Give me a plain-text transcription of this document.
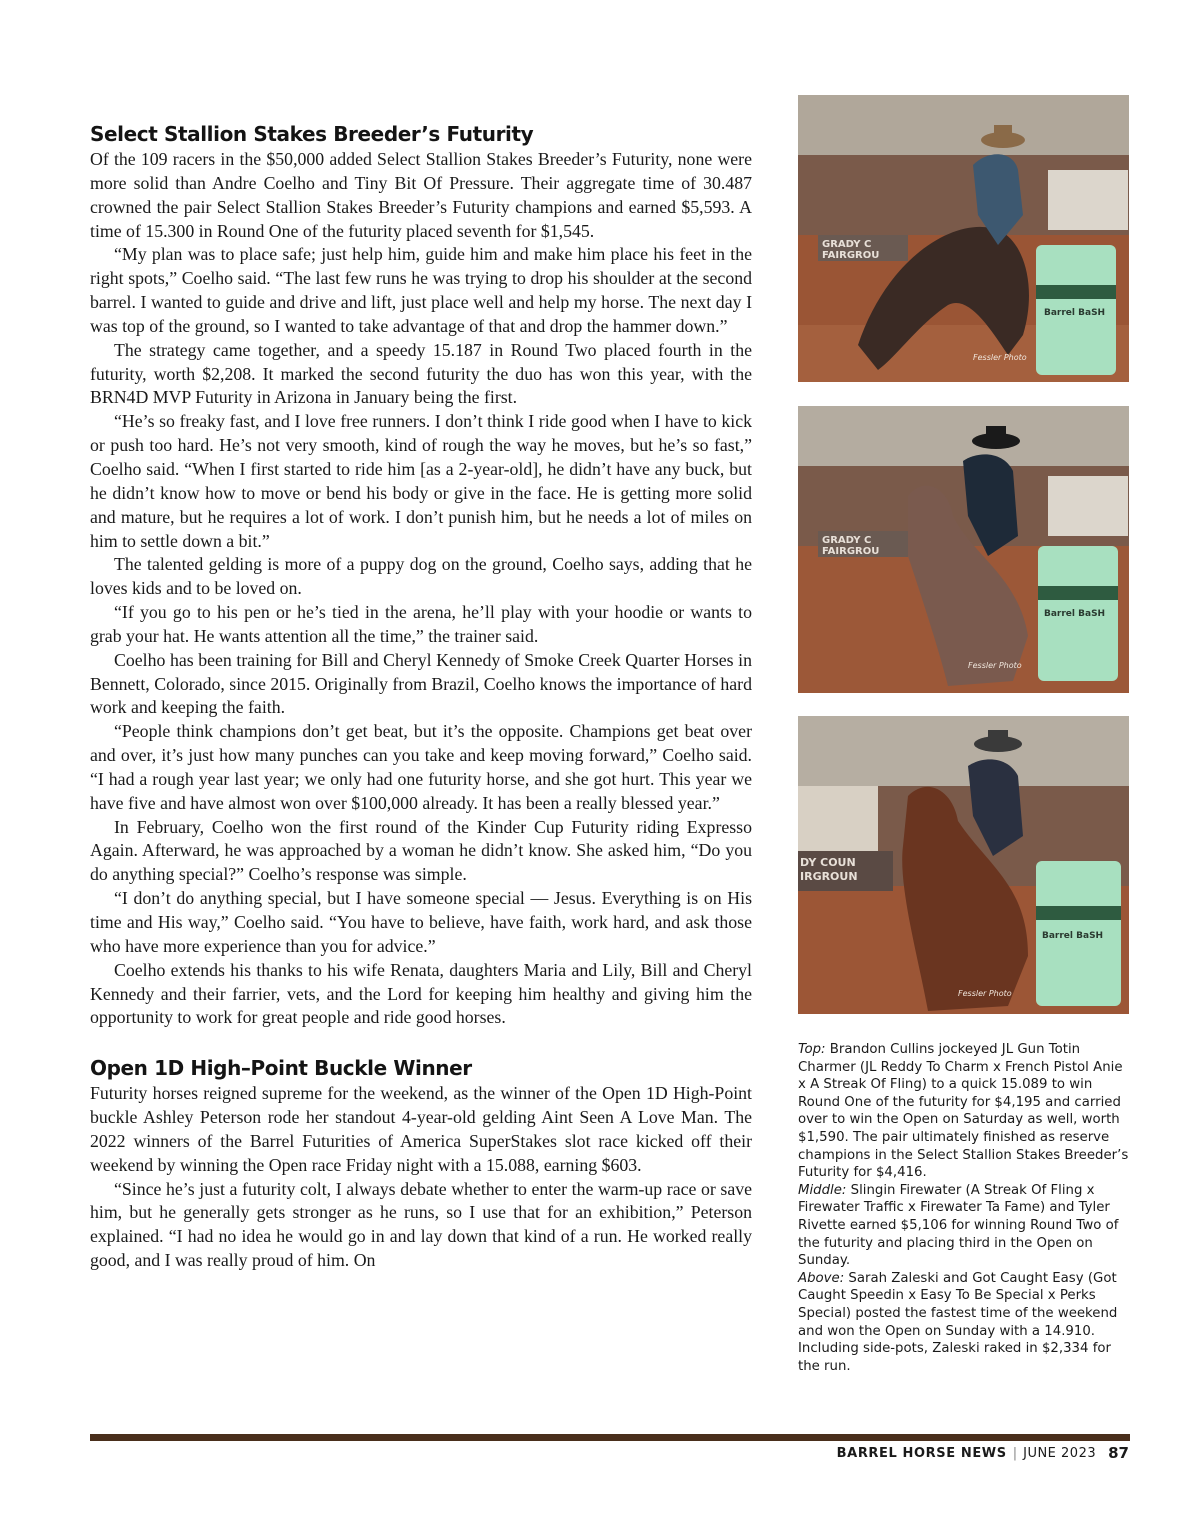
Select Stallion Stakes Breeder’s Futurity

Of the 109 racers in the $50,000 added Select Stallion Stakes Breeder’s Futurity, none were more solid than Andre Coelho and Tiny Bit Of Pressure. Their aggregate time of 30.487 crowned the pair Select Stallion Stakes Breeder’s Futurity champions and earned $5,593. A time of 15.300 in Round One of the futurity placed seventh for $1,545.

“My plan was to place safe; just help him, guide him and make him place his feet in the right spots,” Coelho said. “The last few runs he was trying to drop his shoulder at the second barrel. I wanted to guide and drive and lift, just place well and help my horse. The next day I was top of the ground, so I wanted to take advantage of that and drop the hammer down.”

The strategy came together, and a speedy 15.187 in Round Two placed fourth in the futurity, worth $2,208. It marked the second futurity the duo has won this year, with the BRN4D MVP Futurity in Arizona in January being the first.

“He’s so freaky fast, and I love free runners. I don’t think I ride good when I have to kick or push too hard. He’s not very smooth, kind of rough the way he moves, but he’s so fast,” Coelho said. “When I first started to ride him [as a 2-year-old], he didn’t have any buck, but he didn’t know how to move or bend his body or give in the face. He is getting more solid and mature, but he requires a lot of work. I don’t punish him, but he needs a lot of miles on him to settle down a bit.”

The talented gelding is more of a puppy dog on the ground, Coelho says, adding that he loves kids and to be loved on.

“If you go to his pen or he’s tied in the arena, he’ll play with your hoodie or wants to grab your hat. He wants attention all the time,” the trainer said.

Coelho has been training for Bill and Cheryl Kennedy of Smoke Creek Quarter Horses in Bennett, Colorado, since 2015. Originally from Brazil, Coelho knows the importance of hard work and keeping the faith.

“People think champions don’t get beat, but it’s the opposite. Champions get beat over and over, it’s just how many punches can you take and keep moving forward,” Coelho said. “I had a rough year last year; we only had one futurity horse, and she got hurt. This year we have five and have almost won over $100,000 already. It has been a really blessed year.”

In February, Coelho won the first round of the Kinder Cup Futurity riding Expresso Again. Afterward, he was approached by a woman he didn’t know. She asked him, “Do you do anything special?” Coelho’s response was simple.

“I don’t do anything special, but I have someone special — Jesus. Everything is on His time and His way,” Coelho said. “You have to believe, have faith, work hard, and ask those who have more experience than you for advice.”

Coelho extends his thanks to his wife Renata, daughters Maria and Lily, Bill and Cheryl Kennedy and their farrier, vets, and the Lord for keeping him healthy and giving him the opportunity to work for great people and ride good horses.

Open 1D High–Point Buckle Winner

Futurity horses reigned supreme for the weekend, as the winner of the Open 1D High-Point buckle Ashley Peterson rode her standout 4-year-old gelding Aint Seen A Love Man. The 2022 winners of the Barrel Futurities of America SuperStakes slot race kicked off their weekend by winning the Open race Friday night with a 15.088, earning $603.

“Since he’s just a futurity colt, I always debate whether to enter the warm-up race or save him, but he generally gets stronger as he runs, so I use that for an exhibition,” Peterson explained. “I had no idea he would go in and lay down that kind of a run. He worked really good, and I was really proud of him. On

GRADY C
FAIRGROU
Barrel BaSH
Fessler Photo
GRADY C
FAIRGROU
Barrel BaSH
Fessler Photo
DY COUN
IRGROUN
Barrel BaSH
Fessler Photo

Top: Brandon Cullins jockeyed JL Gun Totin Charmer (JL Reddy To Charm x French Pistol Anie x A Streak Of Fling) to a quick 15.089 to win Round One of the futurity for $4,195 and carried over to win the Open on Saturday as well, worth $1,590. The pair ultimately finished as reserve champions in the Select Stallion Stakes Breeder’s Futurity for $4,416.

Middle: Slingin Firewater (A Streak Of Fling x Firewater Traffic x Firewater Ta Fame) and Tyler Rivette earned $5,106 for winning Round Two of the futurity and placing third in the Open on Sunday.

Above: Sarah Zaleski and Got Caught Easy (Got Caught Speedin x Easy To Be Special x Perks Special) posted the fastest time of the weekend and won the Open on Sunday with a 14.910. Including side-pots, Zaleski raked in $2,334 for the run.

BARREL HORSE NEWS | JUNE 2023 87
